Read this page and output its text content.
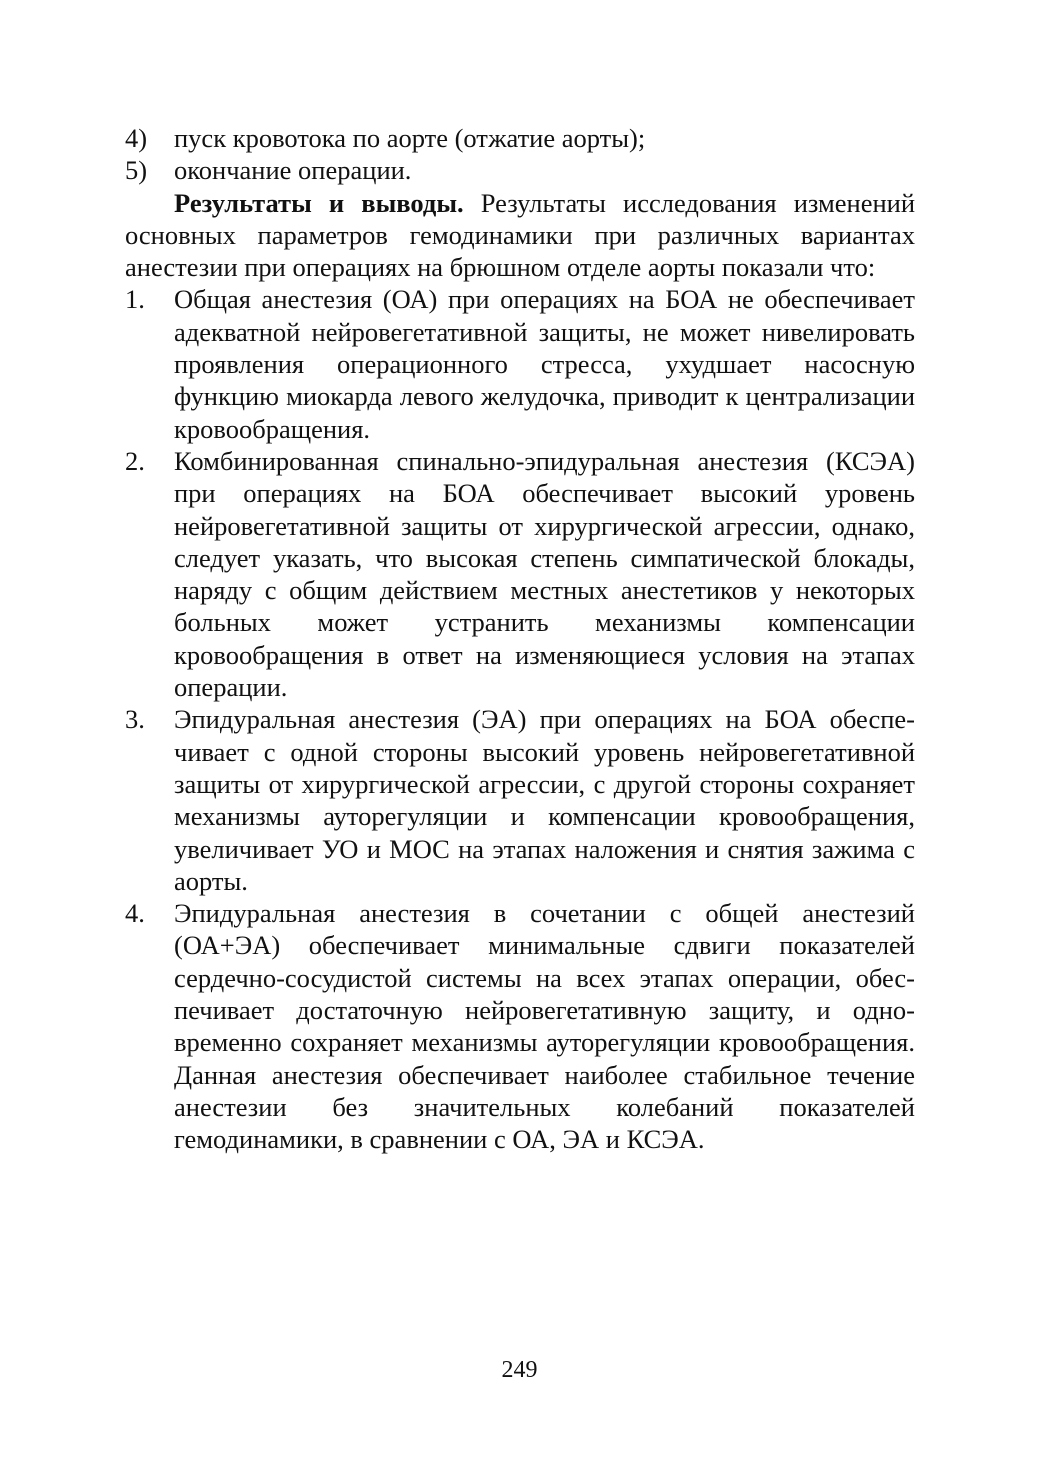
4)	пуск кровотока по аорте (отжатие аорты);
5)	окончание операции.
Результаты и выводы. Результаты исследования изменений основных параметров гемодинамики при различных вариантах анестезии при операциях на брюшном отделе аорты показали что:
1.	Общая анестезия (ОА) при операциях на БОА не обеспечивает адекватной нейровегетативной защиты, не может нивелировать проявления операционного стресса, ухудшает насосную функцию миокарда левого желудочка, приводит к централизации кровообращения.
2.	Комбинированная спинально-эпидуральная анестезия (КСЭА) при операциях на БОА обеспечивает высокий уровень нейровегетативной защиты от хирургической агрессии, однако, следует указать, что высокая степень симпатической блокады, наряду с общим действием местных анестетиков у некоторых больных может устранить механизмы компенсации кровообращения в ответ на изменяющиеся условия на этапах операции.
3.	Эпидуральная анестезия (ЭА) при операциях на БОА обеспечивает с одной стороны высокий уровень нейровегетативной защиты от хирургической агрессии, с другой стороны сохраняет механизмы ауторегуляции и компенсации кровообращения, увеличивает УО и МОС на этапах наложения и снятия зажима с аорты.
4.	Эпидуральная анестезия в сочетании с общей анестезий (ОА+ЭА) обеспечивает минимальные сдвиги показателей сердечно-сосудистой системы на всех этапах операции, обеспечивает достаточную нейровегетативную защиту, и одновременно сохраняет механизмы ауторегуляции кровообращения. Данная анестезия обеспечивает наиболее стабильное течение анестезии без значительных колебаний показателей гемодинамики, в сравнении с ОА, ЭА и КСЭА.
249
